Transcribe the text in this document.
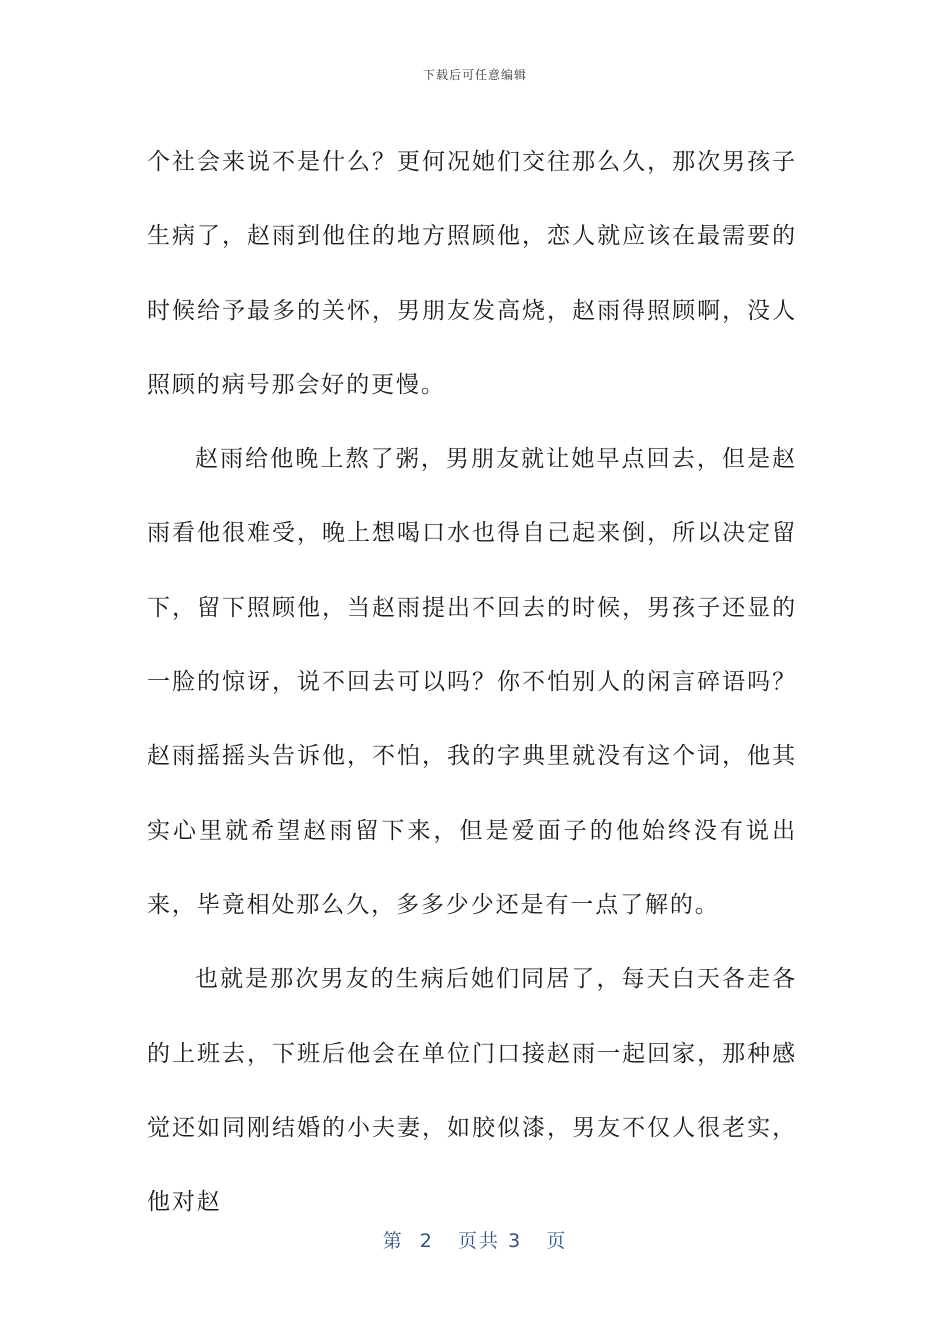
下载后可任意编辑

个社会来说不是什么？更何况她们交往那么久，那次男孩子生病了，赵雨到他住的地方照顾他，恋人就应该在最需要的时候给予最多的关怀，男朋友发高烧，赵雨得照顾啊，没人照顾的病号那会好的更慢。

赵雨给他晚上熬了粥，男朋友就让她早点回去，但是赵雨看他很难受，晚上想喝口水也得自己起来倒，所以决定留下，留下照顾他，当赵雨提出不回去的时候，男孩子还显的一脸的惊讶，说不回去可以吗？你不怕别人的闲言碎语吗？赵雨摇摇头告诉他，不怕，我的字典里就没有这个词，他其实心里就希望赵雨留下来，但是爱面子的他始终没有说出来，毕竟相处那么久，多多少少还是有一点了解的。

也就是那次男友的生病后她们同居了，每天白天各走各的上班去，下班后他会在单位门口接赵雨一起回家，那种感觉还如同刚结婚的小夫妻，如胶似漆，男友不仅人很老实，他对赵

第 2 页共 3 页
